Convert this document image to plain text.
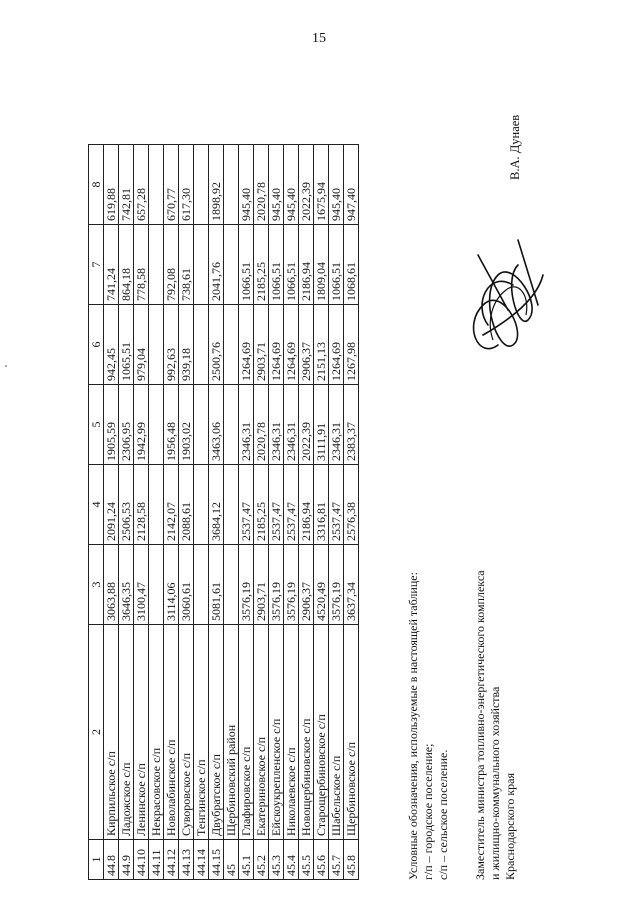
15
1	2	3	4	5	6	7	8
44.8	Кирпильское с/п	3063,88	2091,24	1905,59	942,45	741,24	619,88
44.9	Ладожское с/п	3646,35	2506,53	2306,95	1065,51	864,18	742,81
44.10	Ленинское с/п	3100,47	2128,58	1942,99	979,04	778,58	657,28
44.11	Некрасовское с/п						
44.12	Новолабинское с/п	3114,06	2142,07	1956,48	992,63	792,08	670,77
44.13	Суворовское с/п	3060,61	2088,61	1903,02	939,18	738,61	617,30
44.14	Тенгинское с/п						
44.15	Двубратское с/п	5081,61	3684,12	3463,06	2500,76	2041,76	1898,92
45	Щербиновский район						
45.1	Глафировское с/п	3576,19	2537,47	2346,31	1264,69	1066,51	945,40
45.2	Екатериновское с/п	2903,71	2185,25	2020,78	2903,71	2185,25	2020,78
45.3	Ейскоукрепленское с/п	3576,19	2537,47	2346,31	1264,69	1066,51	945,40
45.4	Николаевское с/п	3576,19	2537,47	2346,31	1264,69	1066,51	945,40
45.5	Новощербиновское с/п	2906,37	2186,94	2022,39	2906,37	2186,94	2022,39
45.6	Старощербиновское с/п	4520,49	3316,81	3111,91	2151,13	1809,04	1675,94
45.7	Шабельское с/п	3576,19	2537,47	2346,31	1264,69	1066,51	945,40
45.8	Щербиновское с/п	3637,34	2576,38	2383,37	1267,98	1068,61	947,40
Условные обозначения, используемые в настоящей таблице: г/п – городское поселение; с/п – сельское поселение. Заместитель министра топливно-энергетического комплекса и жилищно-коммунального хозяйства Краснодарского края
В.А. Дунаев
